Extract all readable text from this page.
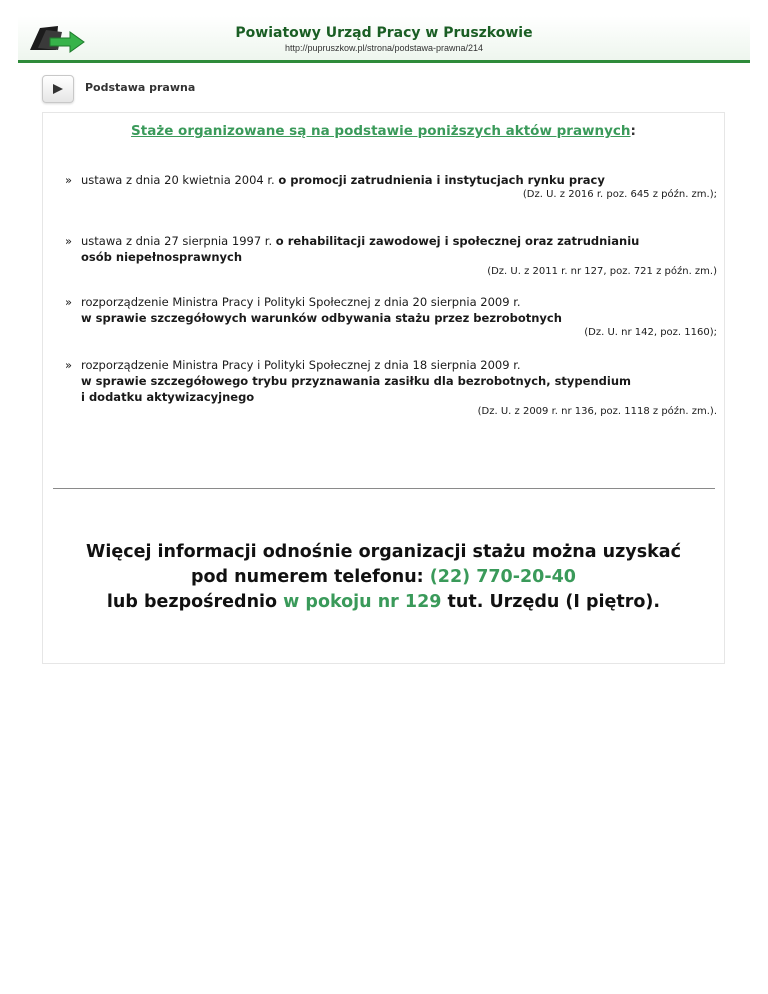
Powiatowy Urząd Pracy w Pruszkowie
http://pupruszkow.pl/strona/podstawa-prawna/214
Podstawa prawna
Staże organizowane są na podstawie poniższych aktów prawnych:
» ustawa z dnia 20 kwietnia 2004 r. o promocji zatrudnienia i instytucjach rynku pracy
(Dz. U. z 2016 r. poz. 645 z późn. zm.);
» ustawa z dnia 27 sierpnia 1997 r. o rehabilitacji zawodowej i społecznej oraz zatrudnianiu
osób niepełnosprawnych
(Dz. U. z 2011 r. nr 127, poz. 721 z późn. zm.)
» rozporządzenie Ministra Pracy i Polityki Społecznej z dnia 20 sierpnia 2009 r.
w sprawie szczegółowych warunków odbywania stażu przez bezrobotnych
(Dz. U. nr 142, poz. 1160);
» rozporządzenie Ministra Pracy i Polityki Społecznej z dnia 18 sierpnia 2009 r.
w sprawie szczegółowego trybu przyznawania zasiłku dla bezrobotnych, stypendium
i dodatku aktywizacyjnego
(Dz. U. z 2009 r. nr 136, poz. 1118 z późn. zm.).
Więcej informacji odnośnie organizacji stażu można uzyskać
pod numerem telefonu: (22) 770-20-40
lub bezpośrednio w pokoju nr 129 tut. Urzędu (I piętro).
